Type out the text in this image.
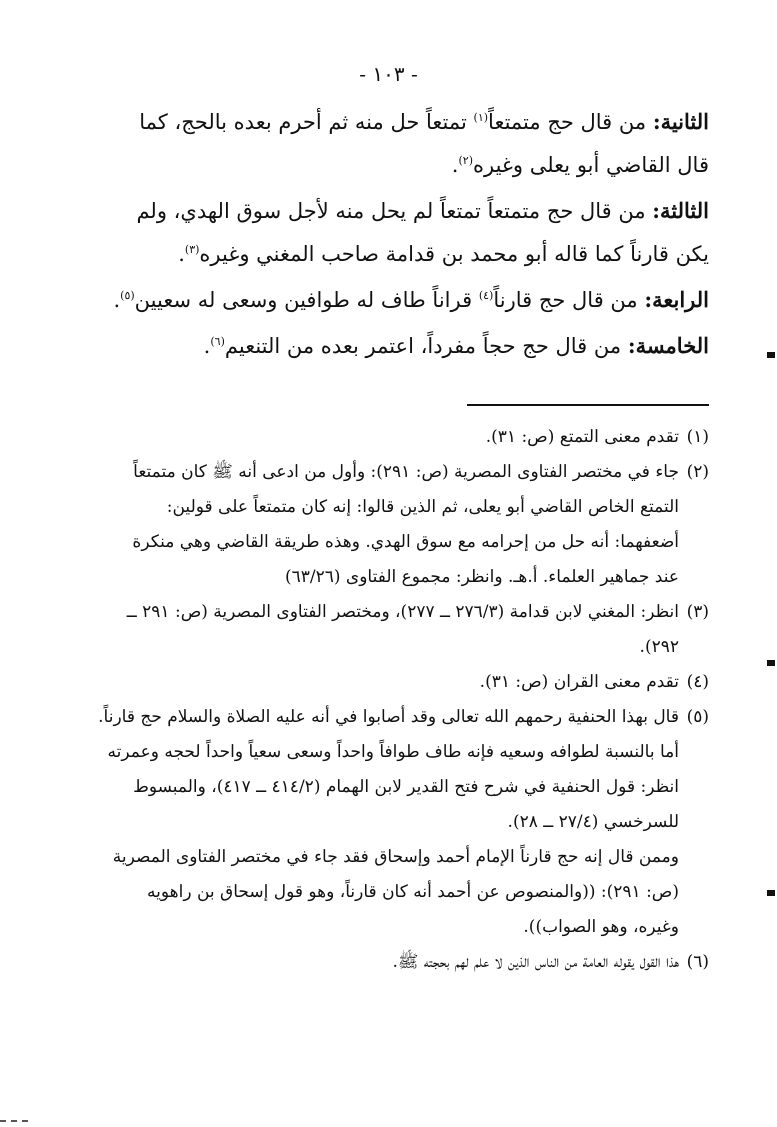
- ١٠٣ -

الثانية: من قال حج متمتعاً$^{(١)}$ تمتعاً حل منه ثم أحرم بعده بالحج، كما قال القاضي أبو يعلى وغيره$^{(٢)}$.

الثالثة: من قال حج متمتعاً تمتعاً لم يحل منه لأجل سوق الهدي، ولم يكن قارناً كما قاله أبو محمد بن قدامة صاحب المغني وغيره$^{(٣)}$.

الرابعة: من قال حج قارناً$^{(٤)}$ قراناً طاف له طوافين وسعى له سعيين$^{(٥)}$.

الخامسة: من قال حج حجاً مفرداً، اعتمر بعده من التنعيم$^{(٦)}$.

(١)
تقدم معنى التمتع (ص: ٣١).
(٢)
جاء في مختصر الفتاوى المصرية (ص: ٢٩١): وأول من ادعى أنه ﷺ كان متمتعاً
التمتع الخاص القاضي أبو يعلى، ثم الذين قالوا: إنه كان متمتعاً على قولين:
أضعفهما: أنه حل من إحرامه مع سوق الهدي. وهذه طريقة القاضي وهي منكرة
عند جماهير العلماء. أ.هـ. وانظر: مجموع الفتاوى (٦٣/٢٦)
(٣)
انظر: المغني لابن قدامة (٢٧٦/٣ ــ ٢٧٧)، ومختصر الفتاوى المصرية (ص: ٢٩١ ــ
٢٩٢).
(٤)
تقدم معنى القران (ص: ٣١).
(٥)
قال بهذا الحنفية رحمهم الله تعالى وقد أصابوا في أنه عليه الصلاة والسلام حج قارناً.
أما بالنسبة لطوافه وسعيه فإنه طاف طوافاً واحداً وسعى سعياً واحداً لحجه وعمرته
انظر: قول الحنفية في شرح فتح القدير لابن الهمام (٤١٤/٢ ــ ٤١٧)، والمبسوط
للسرخسي (٢٧/٤ ــ ٢٨).
وممن قال إنه حج قارناً الإمام أحمد وإسحاق فقد جاء في مختصر الفتاوى المصرية
(ص: ٢٩١): ((والمنصوص عن أحمد أنه كان قارناً، وهو قول إسحاق بن راهويه
وغيره، وهو الصواب)).
(٦)
هذا القول يقوله العامة من الناس الذين لا علم لهم بحجته ﷺ.
